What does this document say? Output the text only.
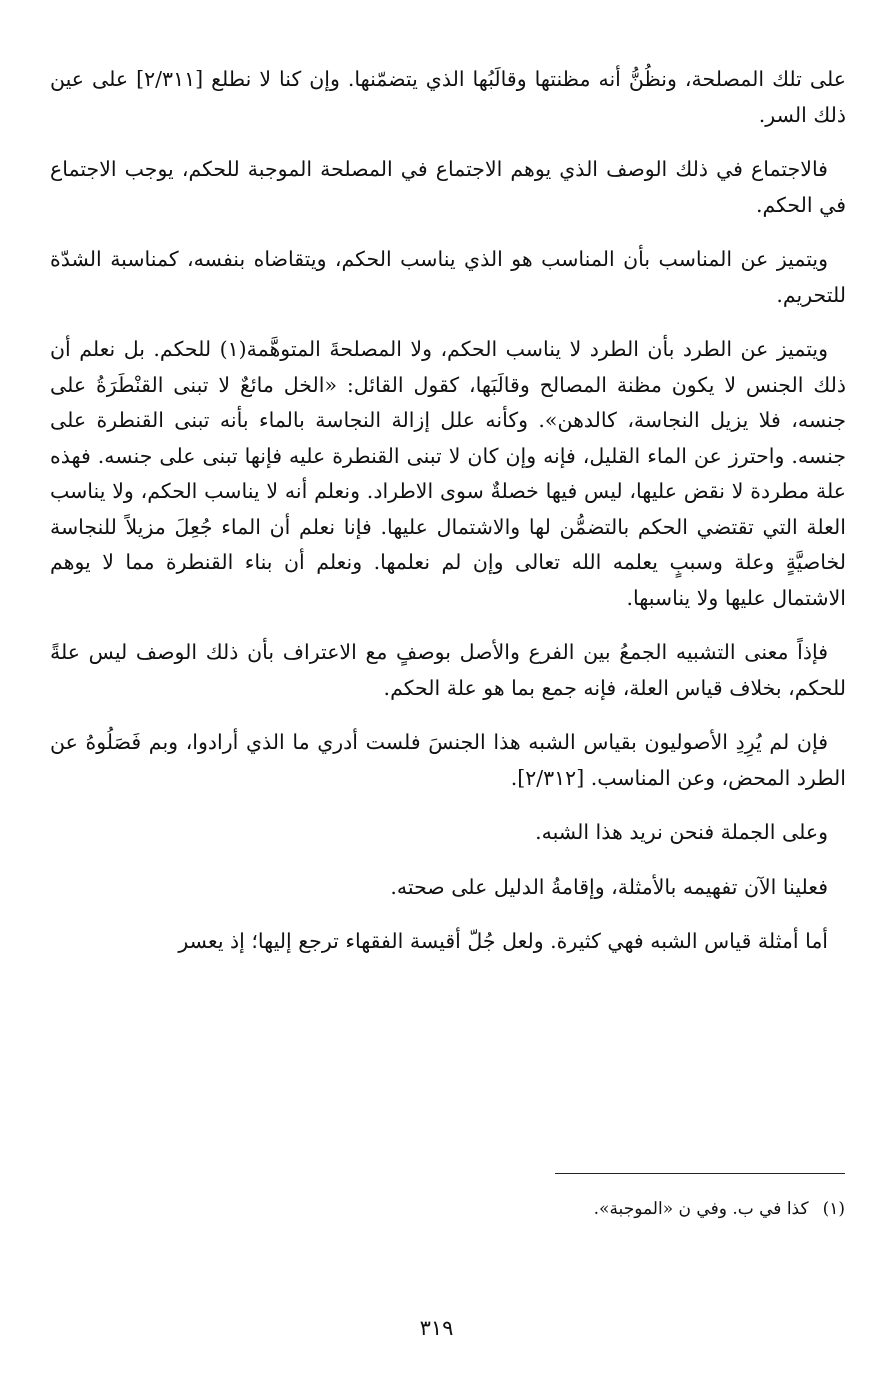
على تلك المصلحة، ونظُنُّ أنه مظنتها وقالَبُها الذي يتضمّنها. وإن كنا لا نطلع [٢/٣١١] على عين ذلك السر.

فالاجتماع في ذلك الوصف الذي يوهم الاجتماع في المصلحة الموجبة للحكم، يوجب الاجتماع في الحكم.

ويتميز عن المناسب بأن المناسب هو الذي يناسب الحكم، ويتقاضاه بنفسه، كمناسبة الشدّة للتحريم.

ويتميز عن الطرد بأن الطرد لا يناسب الحكم، ولا المصلحةَ المتوهَّمة(١) للحكم. بل نعلم أن ذلك الجنس لا يكون مظنة المصالح وقالَبَها، كقول القائل: «الخل مائعٌ لا تبنى القنْطَرَةُ على جنسه، فلا يزيل النجاسة، كالدهن». وكأنه علل إزالة النجاسة بالماء بأنه تبنى القنطرة على جنسه. واحترز عن الماء القليل، فإنه وإن كان لا تبنى القنطرة عليه فإنها تبنى على جنسه. فهذه علة مطردة لا نقض عليها، ليس فيها خصلةٌ سوى الاطراد. ونعلم أنه لا يناسب الحكم، ولا يناسب العلة التي تقتضي الحكم بالتضمُّن لها والاشتمال عليها. فإنا نعلم أن الماء جُعِلَ مزيلاً للنجاسة لخاصيَّةٍ وعلة وسببٍ يعلمه الله تعالى وإن لم نعلمها. ونعلم أن بناء القنطرة مما لا يوهم الاشتمال عليها ولا يناسبها.

فإذاً معنى التشبيه الجمعُ بين الفرع والأصل بوصفٍ مع الاعتراف بأن ذلك الوصف ليس علةً للحكم، بخلاف قياس العلة، فإنه جمع بما هو علة الحكم.

فإن لم يُرِدِ الأصوليون بقياس الشبه هذا الجنسَ فلست أدري ما الذي أرادوا، وبم فَصَلُوهُ عن الطرد المحض، وعن المناسب. [٢/٣١٢].

وعلى الجملة فنحن نريد هذا الشبه.

فعلينا الآن تفهيمه بالأمثلة، وإقامةُ الدليل على صحته.

أما أمثلة قياس الشبه فهي كثيرة. ولعل جُلّ أقيسة الفقهاء ترجع إليها؛ إذ يعسر

(١)كذا في ب. وفي ن «الموجبة».
٣١٩
